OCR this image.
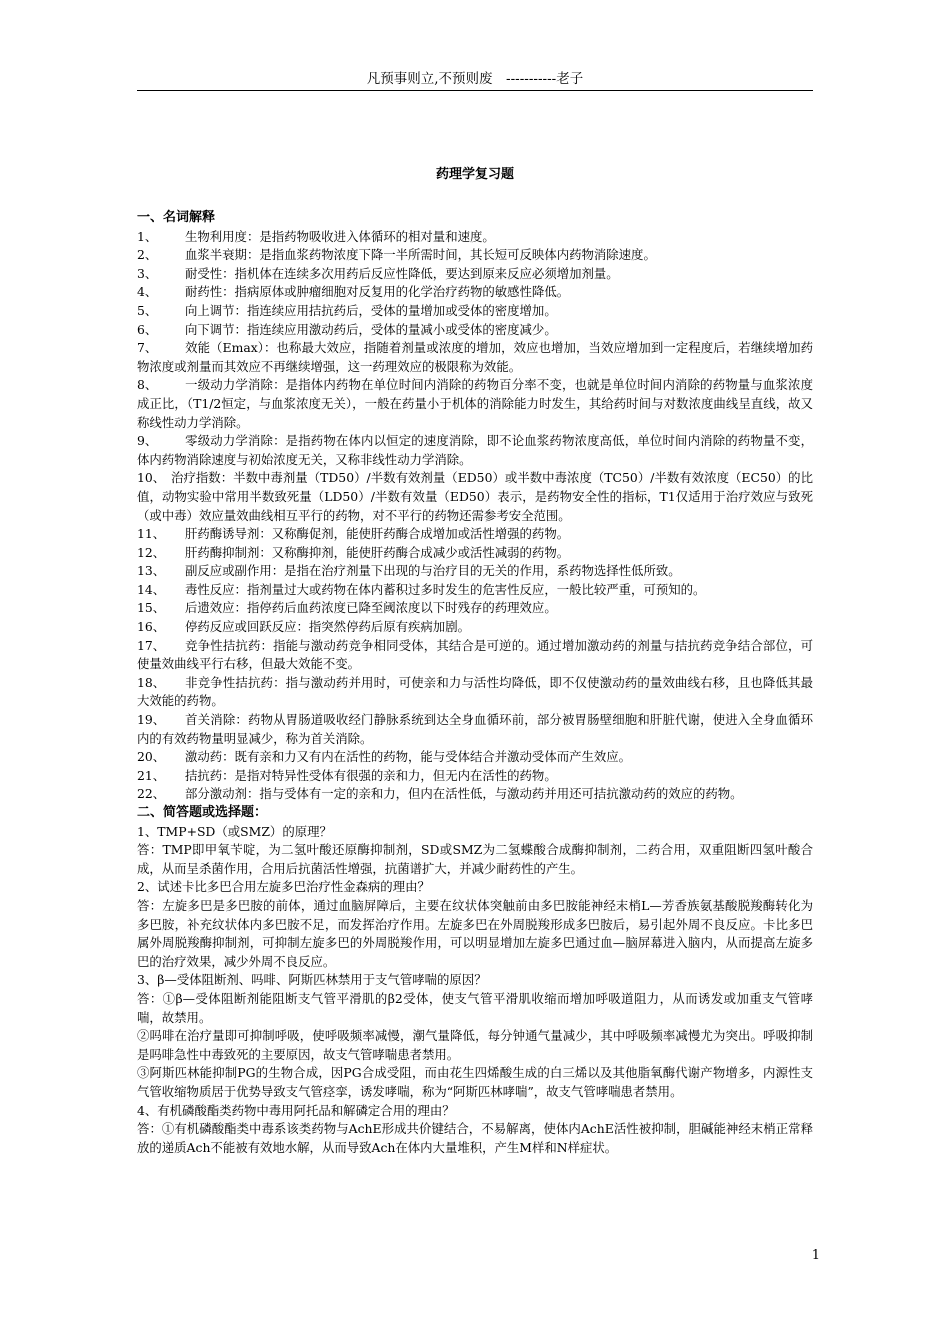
凡预事则立,不预则废　-----------老子
药理学复习题

一、名词解释

1、 生物利用度：是指药物吸收进入体循环的相对量和速度。

2、 血浆半衰期：是指血浆药物浓度下降一半所需时间，其长短可反映体内药物消除速度。

3、 耐受性：指机体在连续多次用药后反应性降低，要达到原来反应必须增加剂量。

4、 耐药性：指病原体或肿瘤细胞对反复用的化学治疗药物的敏感性降低。

5、 向上调节：指连续应用拮抗药后，受体的量增加或受体的密度增加。

6、 向下调节：指连续应用激动药后，受体的量减小或受体的密度减少。

7、 效能（Emax）：也称最大效应，指随着剂量或浓度的增加，效应也增加，当效应增加到一定程度后，若继续增加药物浓度或剂量而其效应不再继续增强，这一药理效应的极限称为效能。

8、 一级动力学消除：是指体内药物在单位时间内消除的药物百分率不变，也就是单位时间内消除的药物量与血浆浓度成正比，（T1/2恒定，与血浆浓度无关），一般在药量小于机体的消除能力时发生，其给药时间与对数浓度曲线呈直线，故又称线性动力学消除。

9、 零级动力学消除：是指药物在体内以恒定的速度消除，即不论血浆药物浓度高低，单位时间内消除的药物量不变，体内药物消除速度与初始浓度无关，又称非线性动力学消除。

10、 治疗指数：半数中毒剂量（TD50）/半数有效剂量（ED50）或半数中毒浓度（TC50）/半数有效浓度（EC50）的比值，动物实验中常用半数致死量（LD50）/半数有效量（ED50）表示，是药物安全性的指标，T1仅适用于治疗效应与致死（或中毒）效应量效曲线相互平行的药物，对不平行的药物还需参考安全范围。

11、 肝药酶诱导剂：又称酶促剂，能使肝药酶合成增加或活性增强的药物。

12、 肝药酶抑制剂：又称酶抑剂，能使肝药酶合成减少或活性减弱的药物。

13、 副反应或副作用：是指在治疗剂量下出现的与治疗目的无关的作用，系药物选择性低所致。

14、 毒性反应：指剂量过大或药物在体内蓄积过多时发生的危害性反应，一般比较严重，可预知的。

15、 后遗效应：指停药后血药浓度已降至阈浓度以下时残存的药理效应。

16、 停药反应或回跃反应：指突然停药后原有疾病加剧。

17、 竞争性拮抗药：指能与激动药竞争相同受体，其结合是可逆的。通过增加激动药的剂量与拮抗药竞争结合部位，可使量效曲线平行右移，但最大效能不变。

18、 非竞争性拮抗药：指与激动药并用时，可使亲和力与活性均降低，即不仅使激动药的量效曲线右移，且也降低其最大效能的药物。

19、 首关消除：药物从胃肠道吸收经门静脉系统到达全身血循环前，部分被胃肠壁细胞和肝脏代谢，使进入全身血循环内的有效药物量明显减少，称为首关消除。

20、 激动药：既有亲和力又有内在活性的药物，能与受体结合并激动受体而产生效应。

21、 拮抗药：是指对特异性受体有很强的亲和力，但无内在活性的药物。

22、 部分激动剂：指与受体有一定的亲和力，但内在活性低，与激动药并用还可拮抗激动药的效应的药物。

二、简答题或选择题：

1、TMP+SD（或SMZ）的原理？

答：TMP即甲氧苄啶，为二氢叶酸还原酶抑制剂，SD或SMZ为二氢蝶酸合成酶抑制剂，二药合用，双重阻断四氢叶酸合成，从而呈杀菌作用，合用后抗菌活性增强，抗菌谱扩大，并减少耐药性的产生。

2、试述卡比多巴合用左旋多巴治疗性金森病的理由？

答：左旋多巴是多巴胺的前体，通过血脑屏障后，主要在纹状体突触前由多巴胺能神经末梢L—芳香族氨基酸脱羧酶转化为多巴胺，补充纹状体内多巴胺不足，而发挥治疗作用。左旋多巴在外周脱羧形成多巴胺后，易引起外周不良反应。卡比多巴属外周脱羧酶抑制剂，可抑制左旋多巴的外周脱羧作用，可以明显增加左旋多巴通过血—脑屏幕进入脑内，从而提高左旋多巴的治疗效果，减少外周不良反应。

3、β—受体阻断剂、吗啡、阿斯匹林禁用于支气管哮喘的原因？

答：①β—受体阻断剂能阻断支气管平滑肌的β2受体，使支气管平滑肌收缩而增加呼吸道阻力，从而诱发或加重支气管哮喘，故禁用。

②吗啡在治疗量即可抑制呼吸，使呼吸频率减慢，潮气量降低，每分钟通气量减少，其中呼吸频率减慢尤为突出。呼吸抑制是吗啡急性中毒致死的主要原因，故支气管哮喘患者禁用。

③阿斯匹林能抑制PG的生物合成，因PG合成受阻，而由花生四烯酸生成的白三烯以及其他脂氧酶代谢产物增多，内源性支气管收缩物质居于优势导致支气管痉挛，诱发哮喘，称为“阿斯匹林哮喘”，故支气管哮喘患者禁用。

4、有机磷酸酯类药物中毒用阿托品和解磷定合用的理由？

答：①有机磷酸酯类中毒系该类药物与AchE形成共价键结合，不易解离，使体内AchE活性被抑制，胆碱能神经末梢正常释放的递质Ach不能被有效地水解，从而导致Ach在体内大量堆积，产生M样和N样症状。

1
